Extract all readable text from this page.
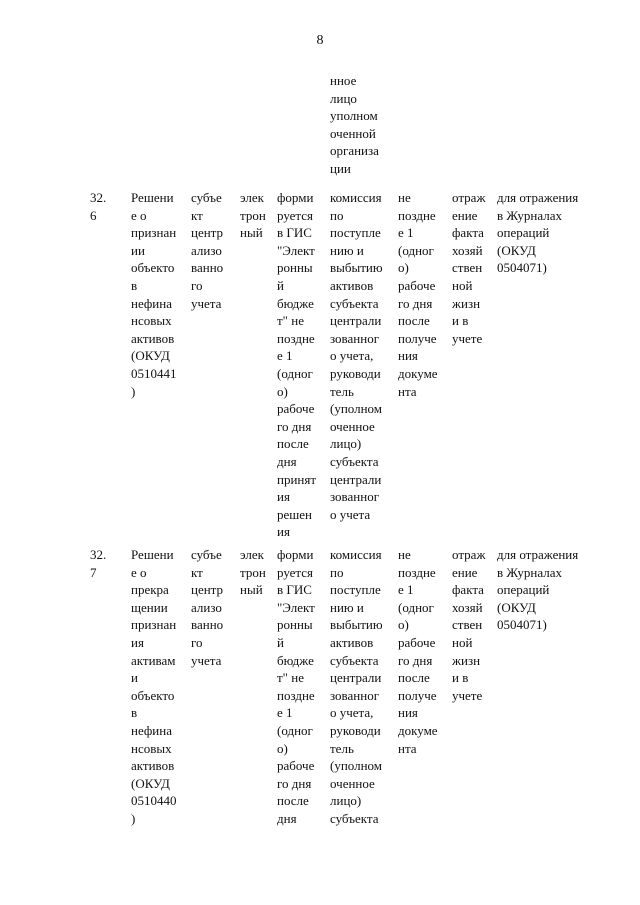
8
нное
лицо
уполном
оченной
организа
ции
32.
6
Решени
е о
признан
ии
объекто
в
нефина
нсовых
активов
(ОКУД
0510441
)
субъе
кт
центр
ализо
ванно
го
учета
элек
трон
ный
форми
руется
в ГИС
"Элект
ронны
й
бюдже
т" не
поздне
е 1
(одног
о)
рабоче
го дня
после
дня
принят
ия
решен
ия
комиссия
по
поступле
нию и
выбытию
активов
субъекта
централи
зованног
о учета,
руководи
тель
(уполном
оченное
лицо)
субъекта
централи
зованног
о учета
не
поздне
е 1
(одног
о)
рабоче
го дня
после
получе
ния
докуме
нта
отраж
ение
факта
хозяй
ствен
ной
жизн
и в
учете
для отражения
в Журналах
операций
(ОКУД
0504071)
32.
7
Решени
е о
прекра
щении
признан
ия
активам
и
объекто
в
нефина
нсовых
активов
(ОКУД
0510440
)
субъе
кт
центр
ализо
ванно
го
учета
элек
трон
ный
форми
руется
в ГИС
"Элект
ронны
й
бюдже
т" не
поздне
е 1
(одног
о)
рабоче
го дня
после
дня
комиссия
по
поступле
нию и
выбытию
активов
субъекта
централи
зованног
о учета,
руководи
тель
(уполном
оченное
лицо)
субъекта
не
поздне
е 1
(одног
о)
рабоче
го дня
после
получе
ния
докуме
нта
отраж
ение
факта
хозяй
ствен
ной
жизн
и в
учете
для отражения
в Журналах
операций
(ОКУД
0504071)
